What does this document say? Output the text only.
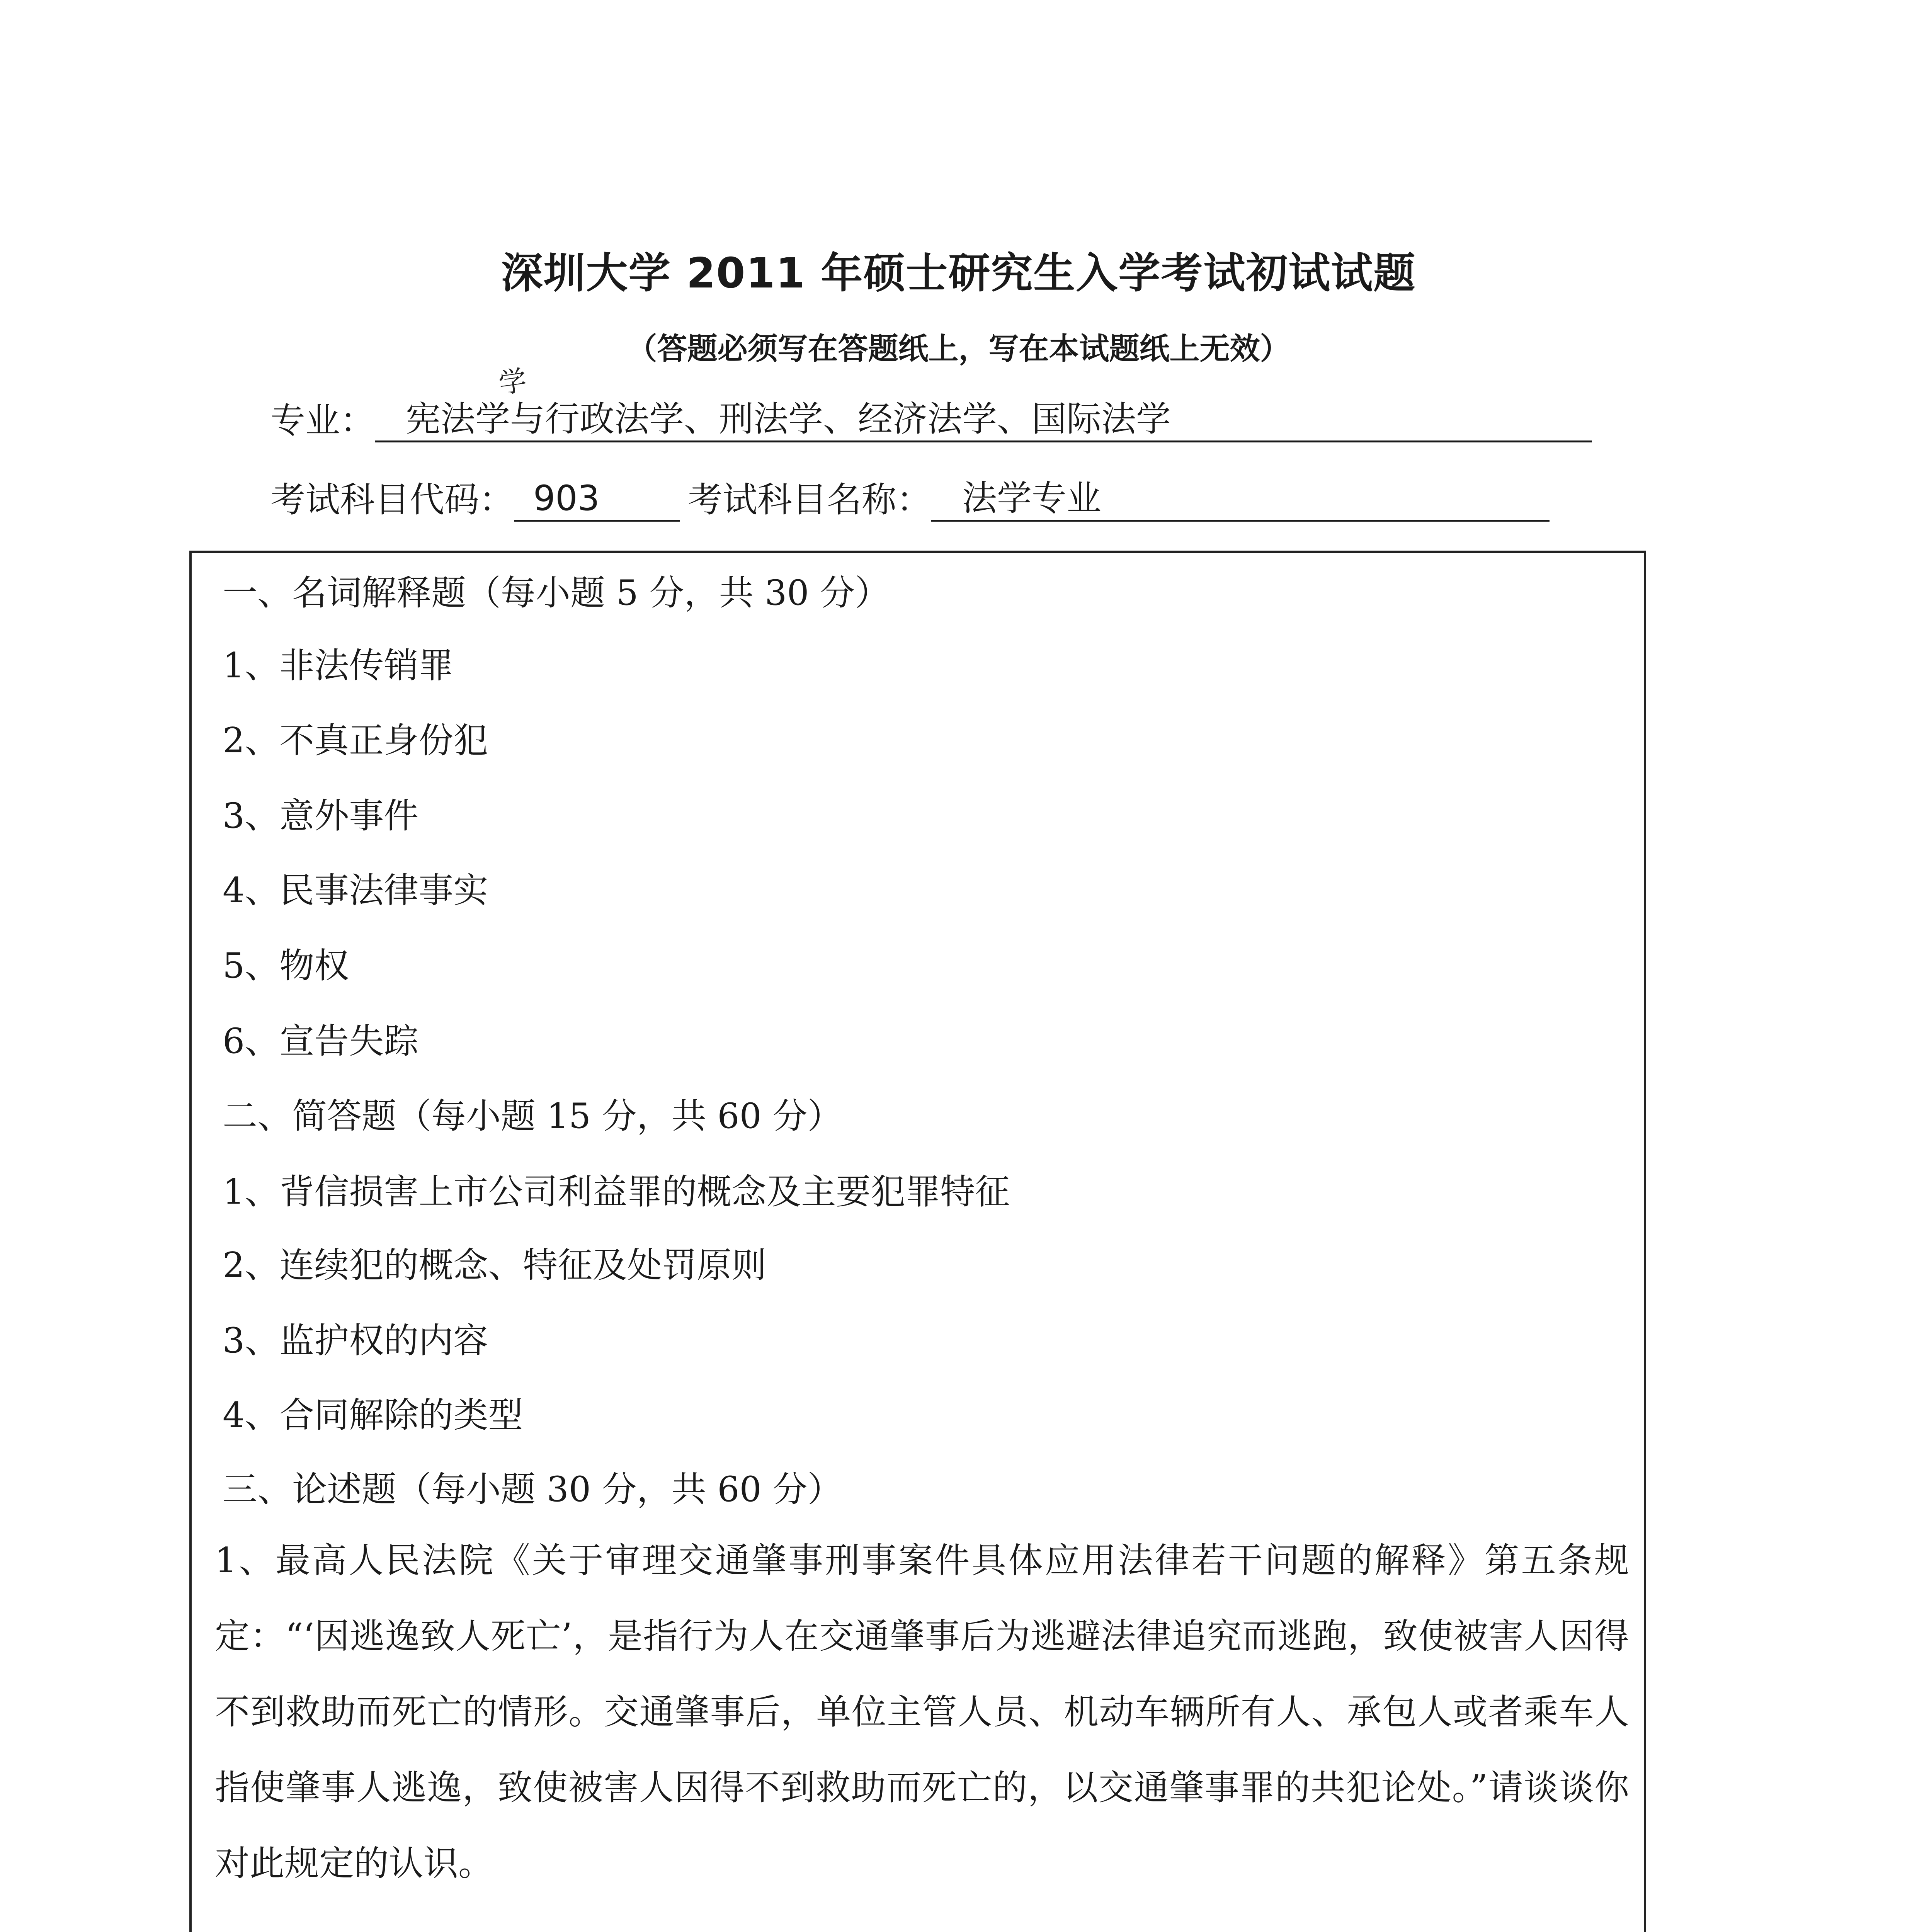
深圳大学 2011 年硕士研究生入学考试初试试题
（答题必须写在答题纸上，写在本试题纸上无效）
学
专业： 宪法学与行政法学、刑法学、经济法学、国际法学
考试科目代码： 903	考试科目名称： 法学专业
一、名词解释题（每小题 5 分，共 30 分）
1、非法传销罪
2、不真正身份犯
3、意外事件
4、民事法律事实
5、物权
6、宣告失踪
二、简答题（每小题 15 分，共 60 分）
1、背信损害上市公司利益罪的概念及主要犯罪特征
2、连续犯的概念、特征及处罚原则
3、监护权的内容
4、合同解除的类型
三、论述题（每小题 30 分，共 60 分）
1、最高人民法院《关于审理交通肇事刑事案件具体应用法律若干问题的解释》第五条规定：“‘因逃逸致人死亡’，是指行为人在交通肇事后为逃避法律追究而逃跑，致使被害人因得不到救助而死亡的情形。交通肇事后，单位主管人员、机动车辆所有人、承包人或者乘车人指使肇事人逃逸，致使被害人因得不到救助而死亡的，以交通肇事罪的共犯论处。”请谈谈你对此规定的认识。
